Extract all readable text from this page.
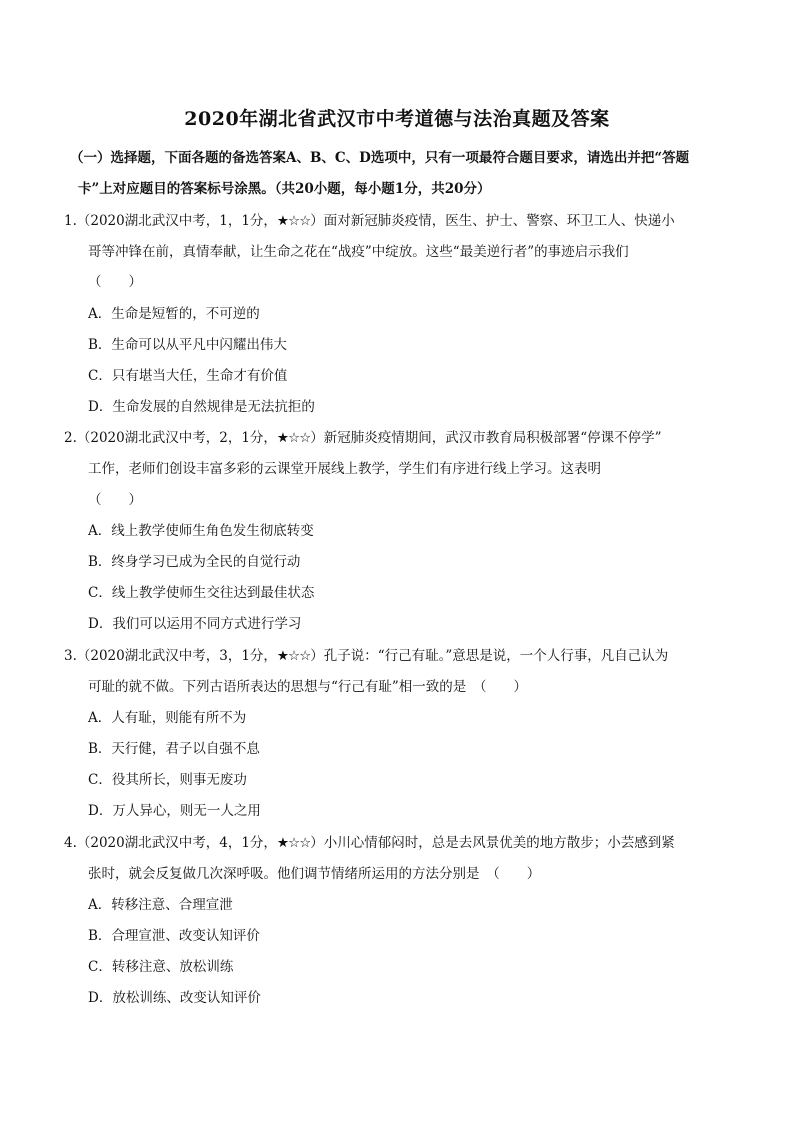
2020年湖北省武汉市中考道德与法治真题及答案
（一）选择题，下面各题的备选答案A、B、C、D选项中，只有一项最符合题目要求，请选出并把“答题
卡”上对应题目的答案标号涂黑。（共20小题，每小题1分，共20分）
1.（2020湖北武汉中考，1，1分，★☆☆）面对新冠肺炎疫情，医生、护士、警察、环卫工人、快递小
哥等冲锋在前，真情奉献，让生命之花在“战疫”中绽放。这些“最美逆行者”的事迹启示我们
（　　）
A．生命是短暂的，不可逆的
B．生命可以从平凡中闪耀出伟大
C．只有堪当大任，生命才有价值
D．生命发展的自然规律是无法抗拒的
2.（2020湖北武汉中考，2，1分，★☆☆）新冠肺炎疫情期间，武汉市教育局积极部署“停课不停学”
工作，老师们创设丰富多彩的云课堂开展线上教学，学生们有序进行线上学习。这表明
（　　）
A．线上教学使师生角色发生彻底转变
B．终身学习已成为全民的自觉行动
C．线上教学使师生交往达到最佳状态
D．我们可以运用不同方式进行学习
3.（2020湖北武汉中考，3，1分，★☆☆）孔子说：“行己有耻。”意思是说，一个人行事，凡自己认为
可耻的就不做。下列古语所表达的思想与“行己有耻”相一致的是　（　　）
A．人有耻，则能有所不为
B．天行健，君子以自强不息
C．役其所长，则事无废功
D．万人异心，则无一人之用
4.（2020湖北武汉中考，4，1分，★☆☆）小川心情郁闷时，总是去风景优美的地方散步；小芸感到紧
张时，就会反复做几次深呼吸。他们调节情绪所运用的方法分别是　（　　）
A．转移注意、合理宣泄
B．合理宣泄、改变认知评价
C．转移注意、放松训练
D．放松训练、改变认知评价
